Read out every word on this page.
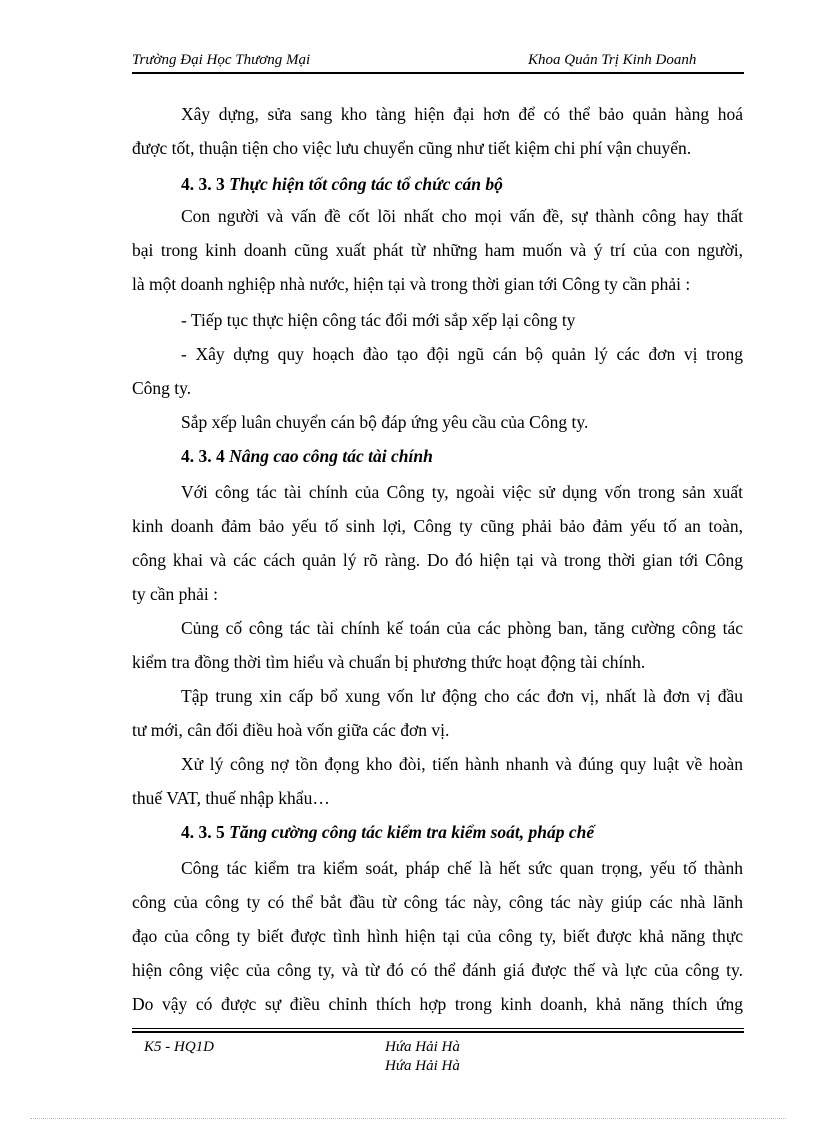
Trường Đại Học Thương Mại	Khoa Quản Trị Kinh Doanh
Xây dựng, sửa sang kho tàng hiện đại hơn để có thể bảo quản hàng hoá
được tốt, thuận tiện cho việc lưu chuyển cũng như tiết kiệm chi phí vận chuyển.
4. 3. 3 Thực hiện tốt công tác tổ chức cán bộ
Con người và vấn đề cốt lõi nhất cho mọi vấn đề, sự thành công hay thất
bại trong kinh doanh cũng xuất phát từ những ham muốn và ý trí của con người,
là một doanh nghiệp nhà nước, hiện tại và trong thời gian tới Công ty cần phải :
- Tiếp tục thực hiện công tác đổi mới sắp xếp lại công ty
- Xây dựng quy hoạch đào tạo đội ngũ cán bộ quản lý các đơn vị trong
Công ty.
Sắp xếp luân chuyển cán bộ đáp ứng yêu cầu của Công ty.
4. 3. 4 Nâng cao công tác tài chính
Với công tác tài chính của Công ty, ngoài việc sử dụng vốn trong sản xuất
kinh doanh đảm bảo yếu tố sinh lợi, Công ty cũng phải bảo đảm yếu tố an toàn,
công khai và các cách quản lý rõ ràng. Do đó hiện tại và trong thời gian tới Công
ty cần phải :
Củng cố công tác tài chính kế toán của các phòng ban, tăng cường công tác
kiểm tra đồng thời tìm hiểu và chuẩn bị phương thức hoạt động tài chính.
Tập trung xin cấp bổ xung vốn lư động cho các đơn vị, nhất là đơn vị đầu
tư mới, cân đối điều hoà vốn giữa các đơn vị.
Xử lý công nợ tồn đọng kho đòi, tiến hành nhanh và đúng quy luật về hoàn
thuế VAT, thuế nhập khẩu…
4. 3. 5 Tăng cường công tác kiểm tra kiểm soát, pháp chế
Công tác kiểm tra kiểm soát, pháp chế là hết sức quan trọng, yếu tố thành
công của công ty có thể bắt đầu từ công tác này, công tác này giúp các nhà lãnh
đạo của công ty biết được tình hình hiện tại của công ty, biết được khả năng thực
hiện công việc của công ty, và từ đó có thể đánh giá được thế và lực của công ty.
Do vậy có được sự điều chỉnh thích hợp trong kinh doanh, khả năng thích ứng
K5 - HQ1D	Hứa Hải Hà
Hứa Hải Hà
